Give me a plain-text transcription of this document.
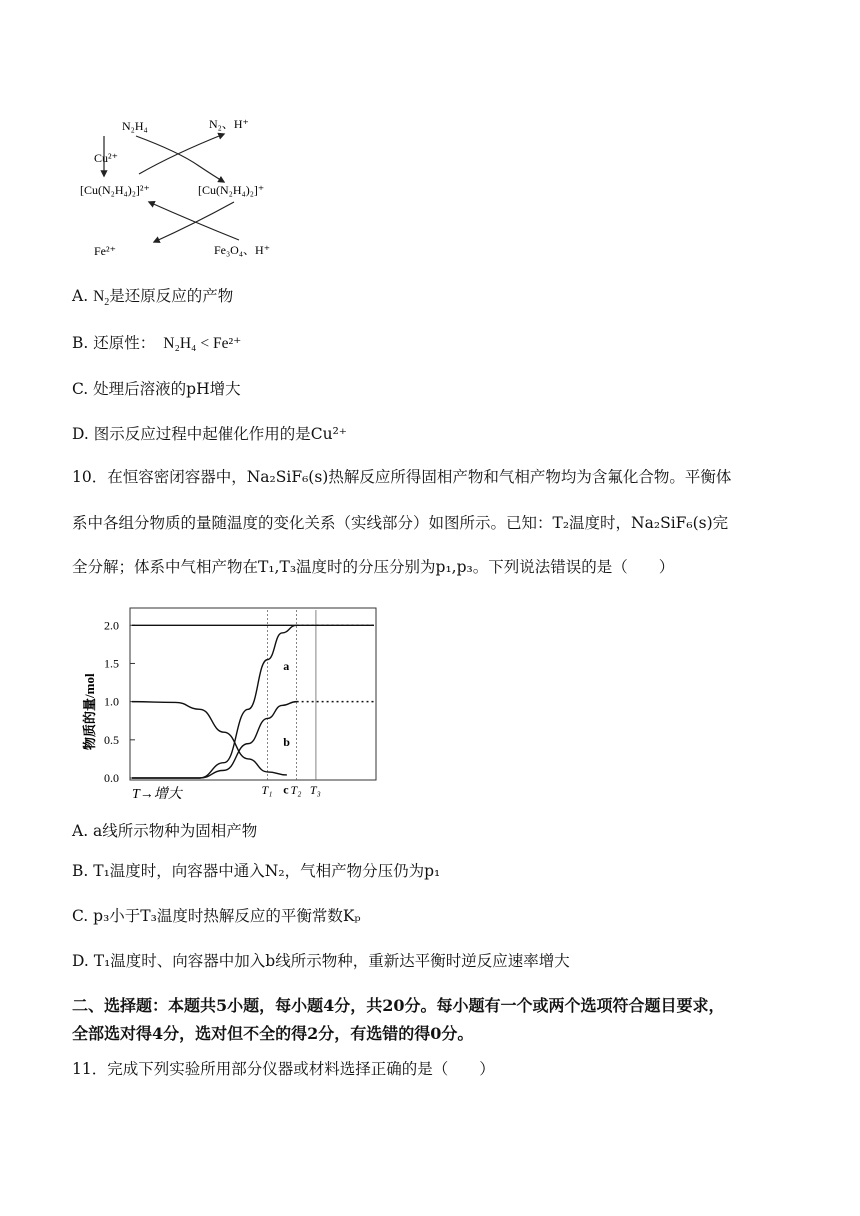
N₂H₄	N₂、H⁺
Cu²⁺
[Cu(N₂H₄)₂]²⁺	[Cu(N₂H₄)₂]⁺
Fe²⁺	Fe₃O₄、H⁺
A. $N_2$是还原反应的产物
B. 还原性： N₂H₄ < Fe²⁺
C. 处理后溶液的pH增大
D. 图示反应过程中起催化作用的是Cu²⁺
10．在恒容密闭容器中，Na₂SiF₆(s)热解反应所得固相产物和气相产物均为含氟化合物。平衡体
系中各组分物质的量随温度的变化关系（实线部分）如图所示。已知：T₂温度时，Na₂SiF₆(s)完
全分解；体系中气相产物在T₁,T₃温度时的分压分别为p₁,p₃。下列说法错误的是（　　）
2.0
1.5
1.0
0.5
0.0
T₁ T₂ T₃
a
b
c
物质的量/mol
T→增大
A. a线所示物种为固相产物
B. T₁温度时，向容器中通入N₂，气相产物分压仍为p₁
C. p₃小于T₃温度时热解反应的平衡常数Kₚ
D. T₁温度时、向容器中加入b线所示物种，重新达平衡时逆反应速率增大
二、选择题：本题共5小题，每小题4分，共20分。每小题有一个或两个选项符合题目要求，
全部选对得4分，选对但不全的得2分，有选错的得0分。
11．完成下列实验所用部分仪器或材料选择正确的是（　　）
